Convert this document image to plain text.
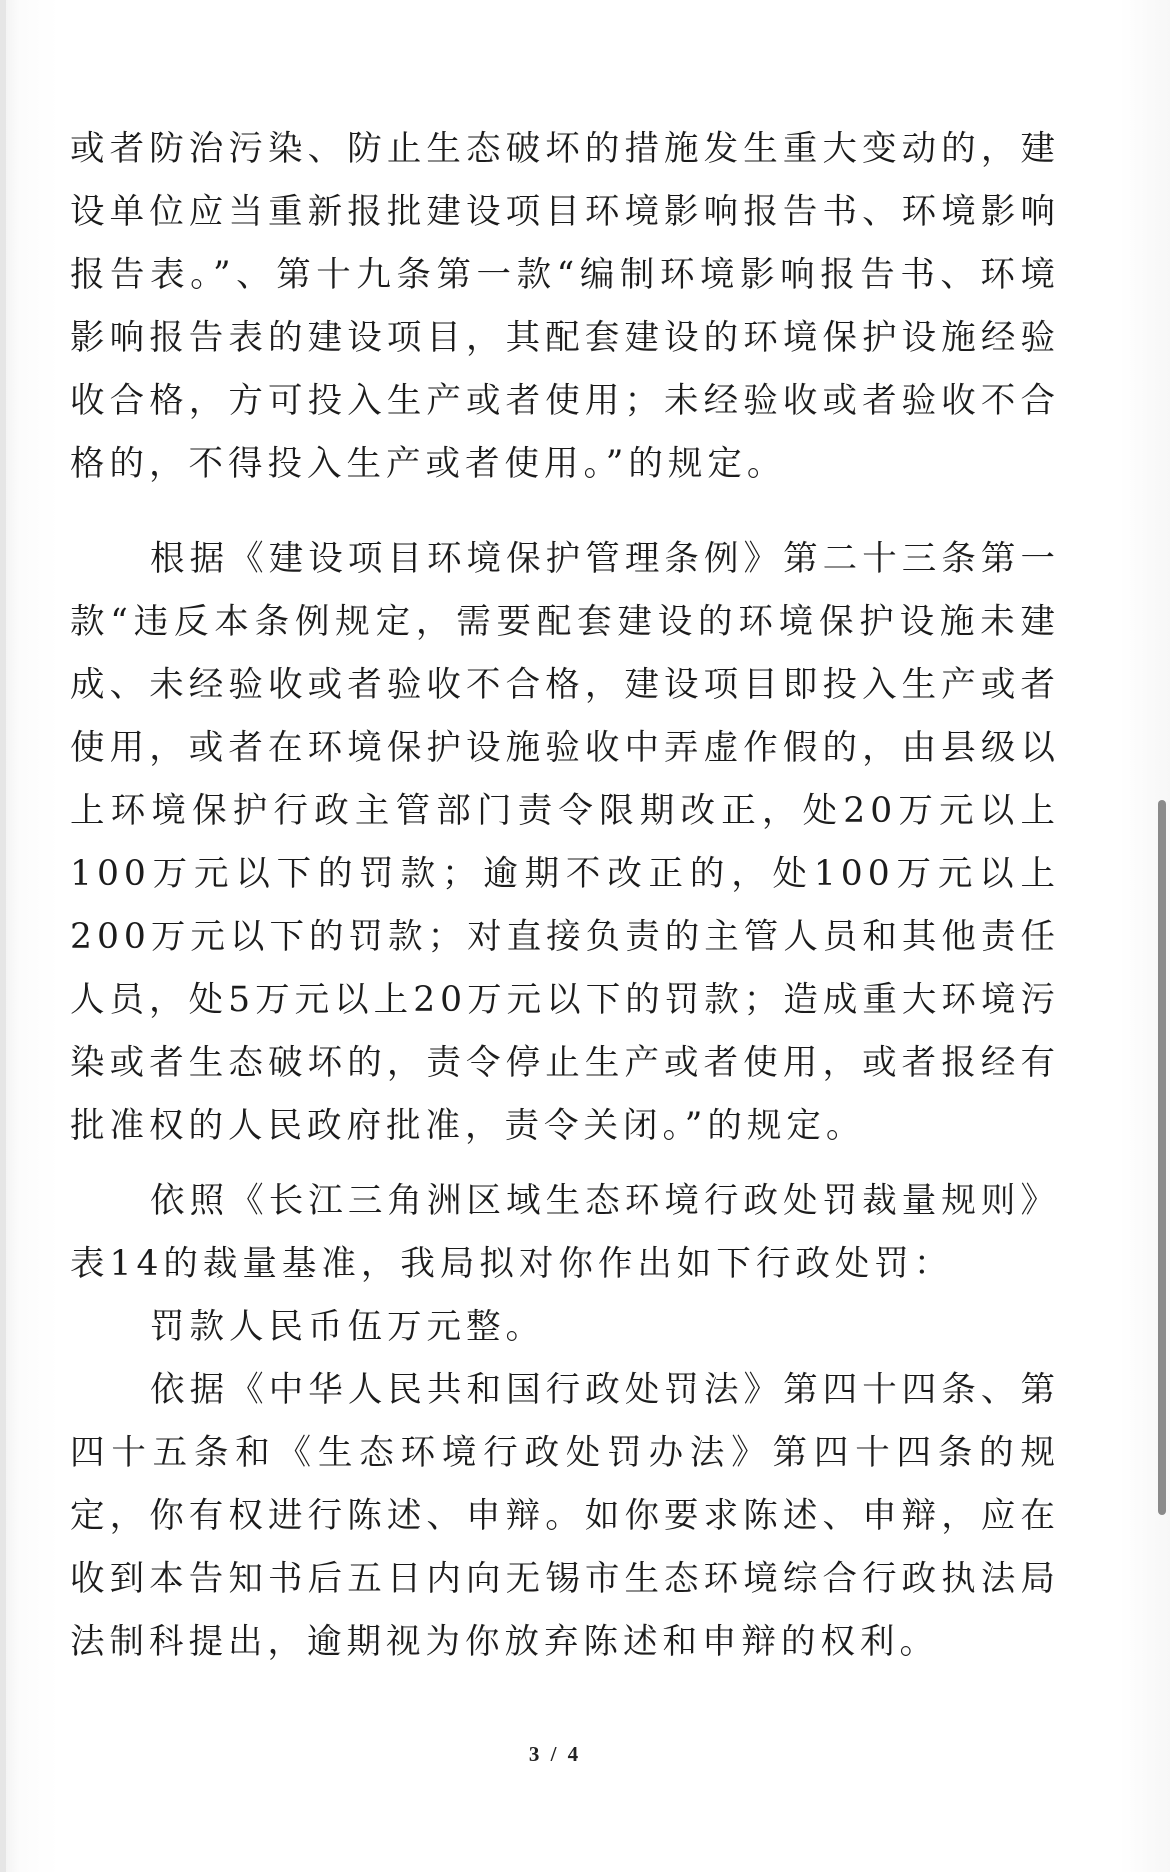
或者防治污染、防止生态破坏的措施发生重大变动的，建设单位应当重新报批建设项目环境影响报告书、环境影响报告表。”、第十九条第一款“编制环境影响报告书、环境影响报告表的建设项目，其配套建设的环境保护设施经验收合格，方可投入生产或者使用；未经验收或者验收不合格的，不得投入生产或者使用。”的规定。

根据《建设项目环境保护管理条例》第二十三条第一款“违反本条例规定，需要配套建设的环境保护设施未建成、未经验收或者验收不合格，建设项目即投入生产或者使用，或者在环境保护设施验收中弄虚作假的，由县级以上环境保护行政主管部门责令限期改正，处20万元以上100万元以下的罚款；逾期不改正的，处100万元以上200万元以下的罚款；对直接负责的主管人员和其他责任人员，处5万元以上20万元以下的罚款；造成重大环境污染或者生态破坏的，责令停止生产或者使用，或者报经有批准权的人民政府批准，责令关闭。”的规定。

依照《长江三角洲区域生态环境行政处罚裁量规则》表14的裁量基准，我局拟对你作出如下行政处罚：

罚款人民币伍万元整。

依据《中华人民共和国行政处罚法》第四十四条、第四十五条和《生态环境行政处罚办法》第四十四条的规定，你有权进行陈述、申辩。如你要求陈述、申辩，应在收到本告知书后五日内向无锡市生态环境综合行政执法局法制科提出，逾期视为你放弃陈述和申辩的权利。

3 / 4
